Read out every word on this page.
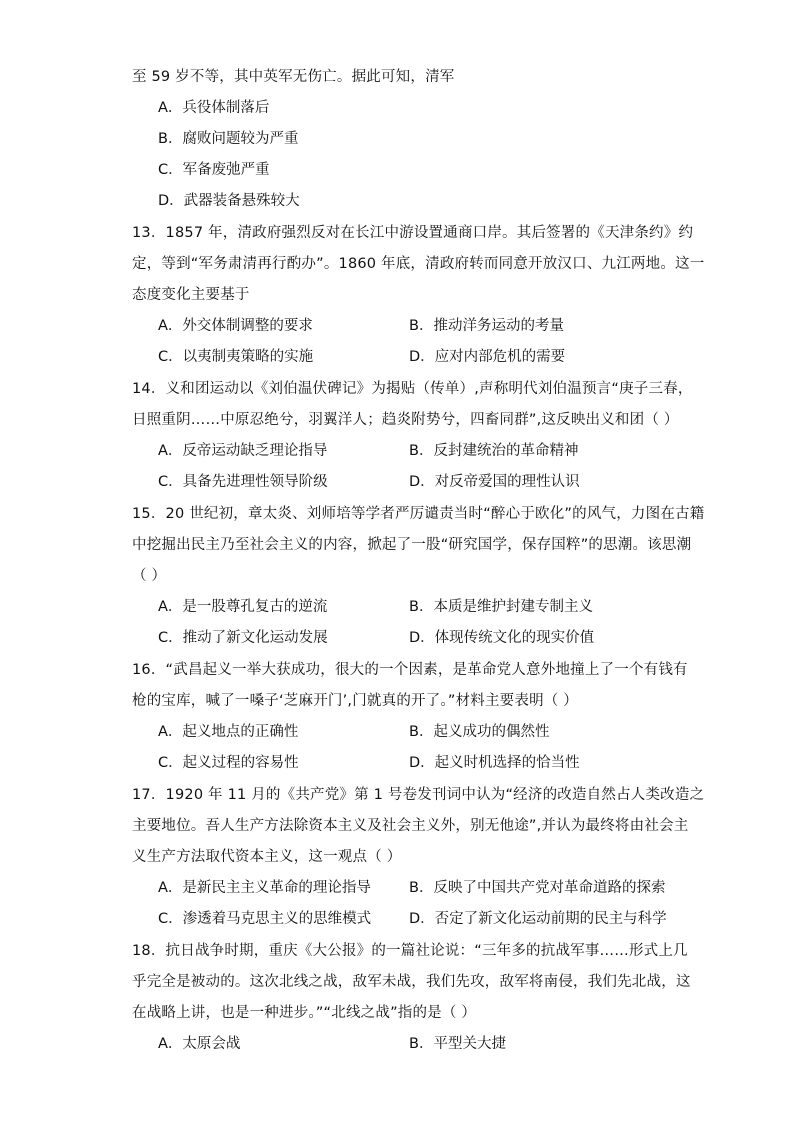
至 59 岁不等，其中英军无伤亡。据此可知，清军
A．兵役体制落后
B．腐败问题较为严重
C．军备废弛严重
D．武器装备悬殊较大
13．1857 年，清政府强烈反对在长江中游设置通商口岸。其后签署的《天津条约》约
定，等到“军务肃清再行酌办”。1860 年底，清政府转而同意开放汉口、九江两地。这一
态度变化主要基于
A．外交体制调整的要求	B．推动洋务运动的考量
C．以夷制夷策略的实施	D．应对内部危机的需要
14．义和团运动以《刘伯温伏碑记》为揭贴（传单）,声称明代刘伯温预言“庚子三春，
日照重阴……中原忍绝兮，羽翼洋人；趋炎附势兮，四畜同群”,这反映出义和团（ ）
A．反帝运动缺乏理论指导	B．反封建统治的革命精神
C．具备先进理性领导阶级	D．对反帝爱国的理性认识
15．20 世纪初，章太炎、刘师培等学者严厉谴责当时“醉心于欧化”的风气，力图在古籍
中挖掘出民主乃至社会主义的内容，掀起了一股“研究国学，保存国粹”的思潮。该思潮
（ ）
A．是一股尊孔复古的逆流	B．本质是维护封建专制主义
C．推动了新文化运动发展	D．体现传统文化的现实价值
16．“武昌起义一举大获成功，很大的一个因素，是革命党人意外地撞上了一个有钱有
枪的宝库，喊了一嗓子‘芝麻开门’,门就真的开了。”材料主要表明（ ）
A．起义地点的正确性	B．起义成功的偶然性
C．起义过程的容易性	D．起义时机选择的恰当性
17．1920 年 11 月的《共产党》第 1 号卷发刊词中认为“经济的改造自然占人类改造之
主要地位。吾人生产方法除资本主义及社会主义外，别无他途”,并认为最终将由社会主
义生产方法取代资本主义，这一观点（ ）
A．是新民主主义革命的理论指导	B．反映了中国共产党对革命道路的探索
C．渗透着马克思主义的思维模式	D．否定了新文化运动前期的民主与科学
18．抗日战争时期，重庆《大公报》的一篇社论说：“三年多的抗战军事……形式上几
乎完全是被动的。这次北线之战，敌军未战，我们先攻，敌军将南侵，我们先北战，这
在战略上讲，也是一种进步。”“北线之战”指的是（ ）
A．太原会战	B．平型关大捷
